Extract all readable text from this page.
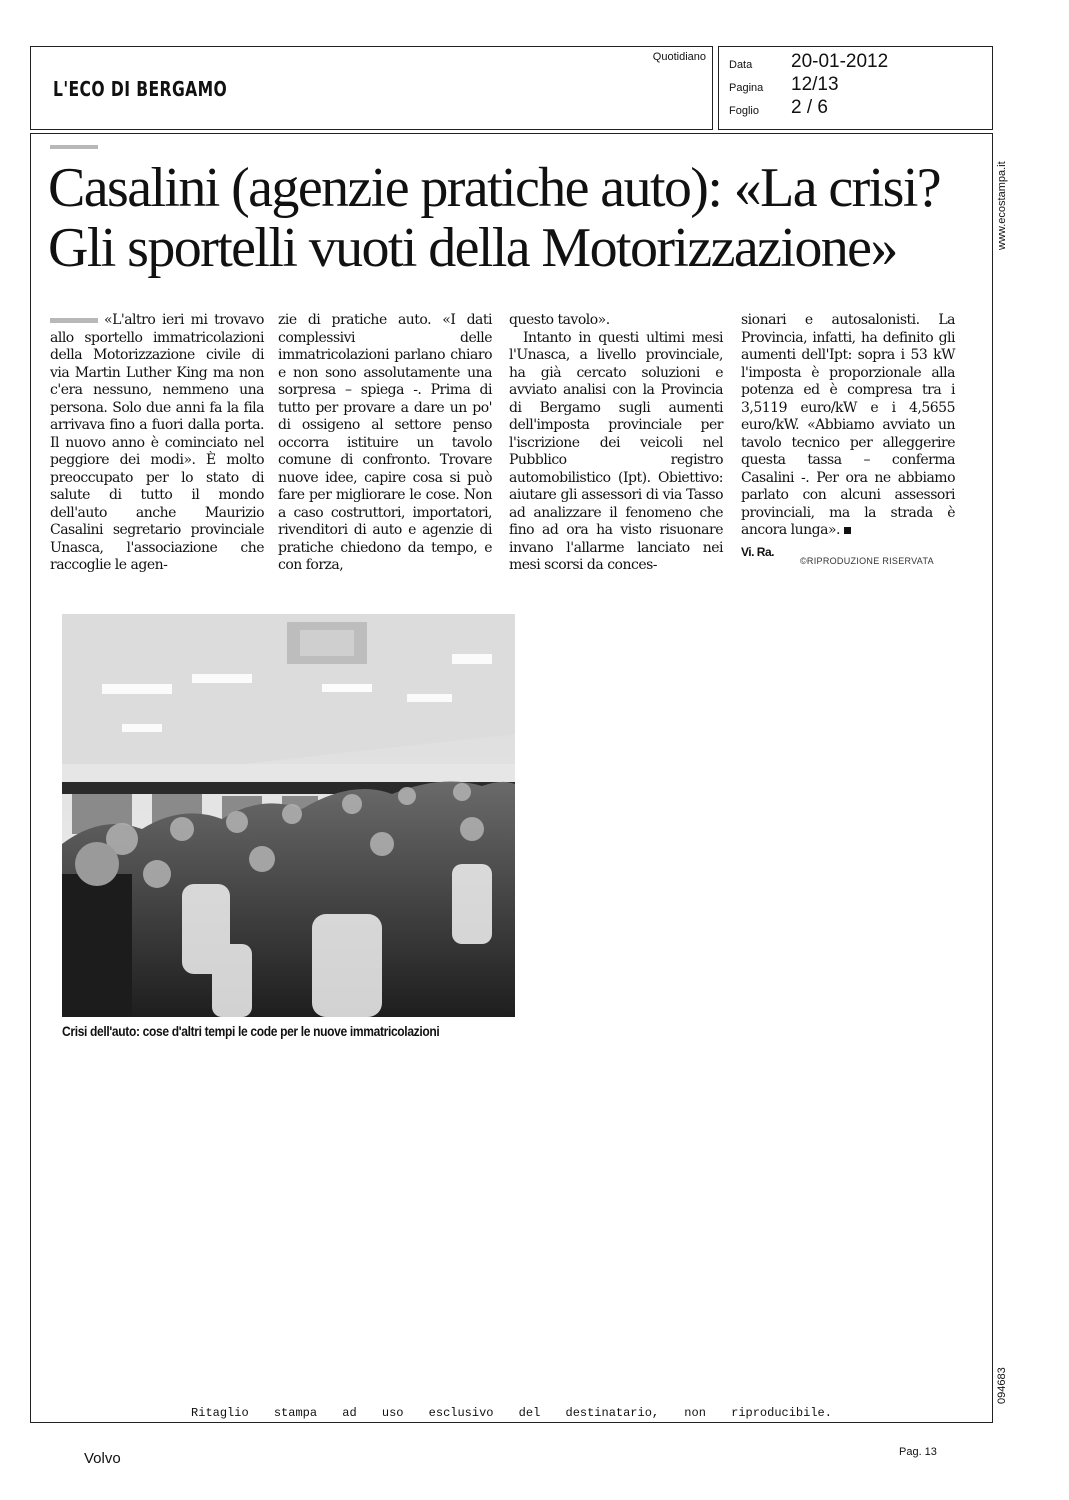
L'ECO DI BERGAMO
Quotidiano
Data	20-01-2012
Pagina	12/13
Foglio	2 / 6
Casalini (agenzie pratiche auto): «La crisi? Gli sportelli vuoti della Motorizzazione»

«L'altro ieri mi trovavo allo sportello immatricolazioni della Motorizzazione civile di via Martin Luther King ma non c'era nessuno, nemmeno una persona. Solo due anni fa la fila arrivava fino a fuori dalla porta. Il nuovo anno è cominciato nel peggiore dei modi». È molto preoccupato per lo stato di salute di tutto il mondo dell'auto anche Maurizio Casalini segretario provinciale Unasca, l'associazione che raccoglie le agen-

zie di pratiche auto. «I dati complessivi delle immatricolazioni parlano chiaro e non sono assolutamente una sorpresa – spiega -. Prima di tutto per provare a dare un po' di ossigeno al settore penso occorra istituire un tavolo comune di confronto. Trovare nuove idee, capire cosa si può fare per migliorare le cose. Non a caso costruttori, importatori, rivenditori di auto e agenzie di pratiche chiedono da tempo, e con forza,

questo tavolo».

Intanto in questi ultimi mesi l'Unasca, a livello provinciale, ha già cercato soluzioni e avviato analisi con la Provincia di Bergamo sugli aumenti dell'imposta provinciale per l'iscrizione dei veicoli nel Pubblico registro automobilistico (Ipt). Obiettivo: aiutare gli assessori di via Tasso ad analizzare il fenomeno che fino ad ora ha visto risuonare invano l'allarme lanciato nei mesi scorsi da conces-

sionari e autosalonisti. La Provincia, infatti, ha definito gli aumenti dell'Ipt: sopra i 53 kW l'imposta è proporzionale alla potenza ed è compresa tra i 3,5119 euro/kW e i 4,5655 euro/kW. «Abbiamo avviato un tavolo tecnico per alleggerire questa tassa – conferma Casalini -. Per ora ne abbiamo parlato con alcuni assessori provinciali, ma la strada è ancora lunga».

Vi. Ra.
©RIPRODUZIONE RISERVATA
Crisi dell'auto: cose d'altri tempi le code per le nuove immatricolazioni
www.ecostampa.it
094683
Ritaglio stampa ad uso esclusivo del destinatario, non riproducibile.
Volvo	Pag. 13
